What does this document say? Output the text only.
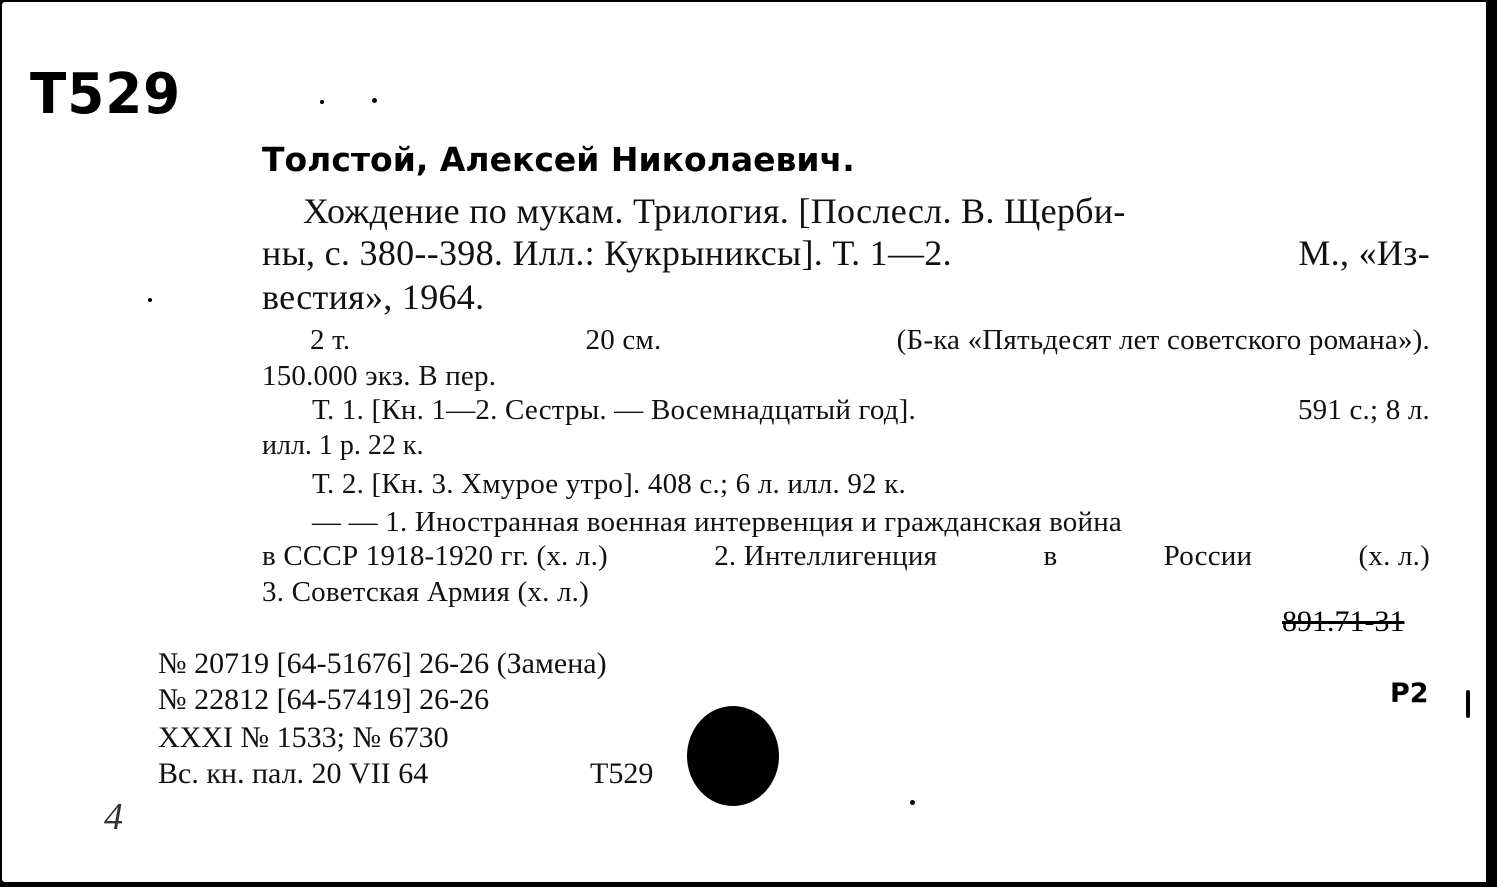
T529
Толстой, Алексей Николаевич.
Хождение по мукам. Трилогия. [Послесл. В. Щерби-
ны, с. 380--398. Илл.: Кукрыниксы]. Т. 1—2.	М., «Из-
вестия», 1964.
2 т.	20 см.	(Б-ка «Пятьдесят лет советского романа»).
150.000 экз. В пер.
Т. 1. [Кн. 1—2. Сестры. — Восемнадцатый год].	591 с.; 8 л.
илл. 1 р. 22 к.
Т. 2. [Кн. 3. Хмурое утро]. 408 с.; 6 л. илл. 92 к.
— — 1. Иностранная военная интервенция и гражданская война
в СССР 1918-1920 гг. (х. л.)	2. Интеллигенция	в	России	(х. л.)
3. Советская Армия (х. л.)
891.71-31
P2
№ 20719 [64-51676] 26-26 (Замена)
№ 22812 [64-57419] 26-26
XXXI № 1533; № 6730
Вс. кн. пал. 20 VII 64	T529
4
